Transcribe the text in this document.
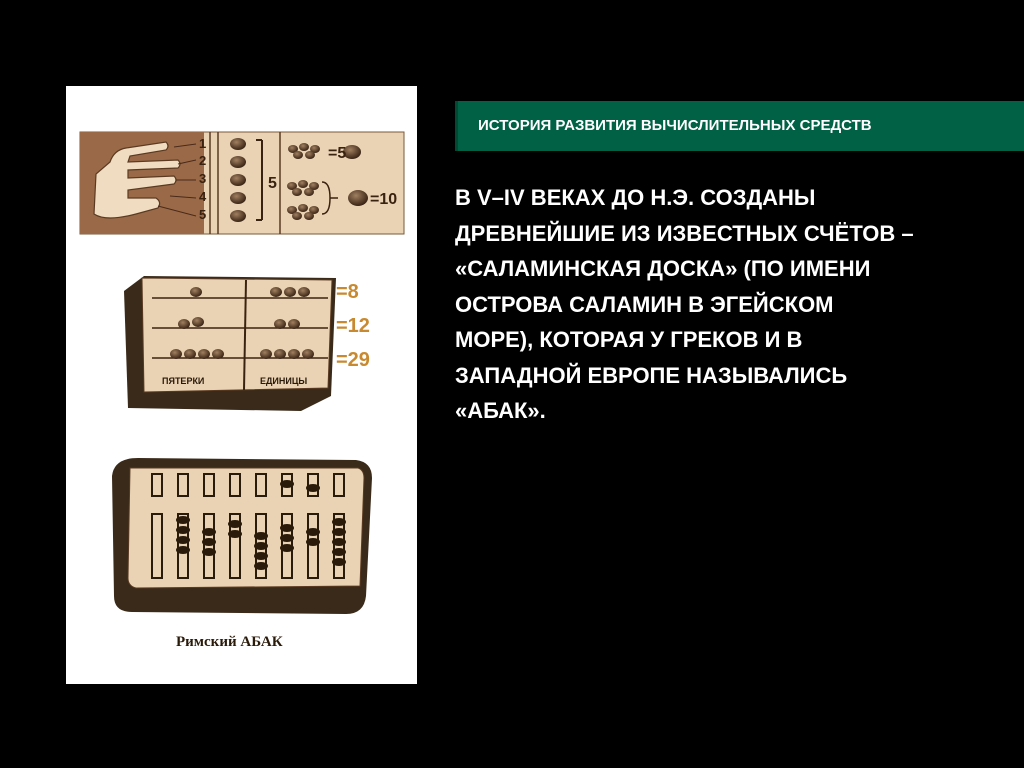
1
2
3
4
5
5
=5
=10
=8
=12
=29
ПЯТЕРКИ	ЕДИНИЦЫ
Римский АБАК
ИСТОРИЯ РАЗВИТИЯ ВЫЧИСЛИТЕЛЬНЫХ СРЕДСТВ
В V–IV ВЕКАХ ДО Н.Э. СОЗДАНЫ
ДРЕВНЕЙШИЕ ИЗ ИЗВЕСТНЫХ СЧЁТОВ –
«САЛАМИНСКАЯ ДОСКА» (ПО ИМЕНИ
ОСТРОВА САЛАМИН В ЭГЕЙСКОМ
МОРЕ), КОТОРАЯ У ГРЕКОВ И В
ЗАПАДНОЙ ЕВРОПЕ НАЗЫВАЛИСЬ
«АБАК».
